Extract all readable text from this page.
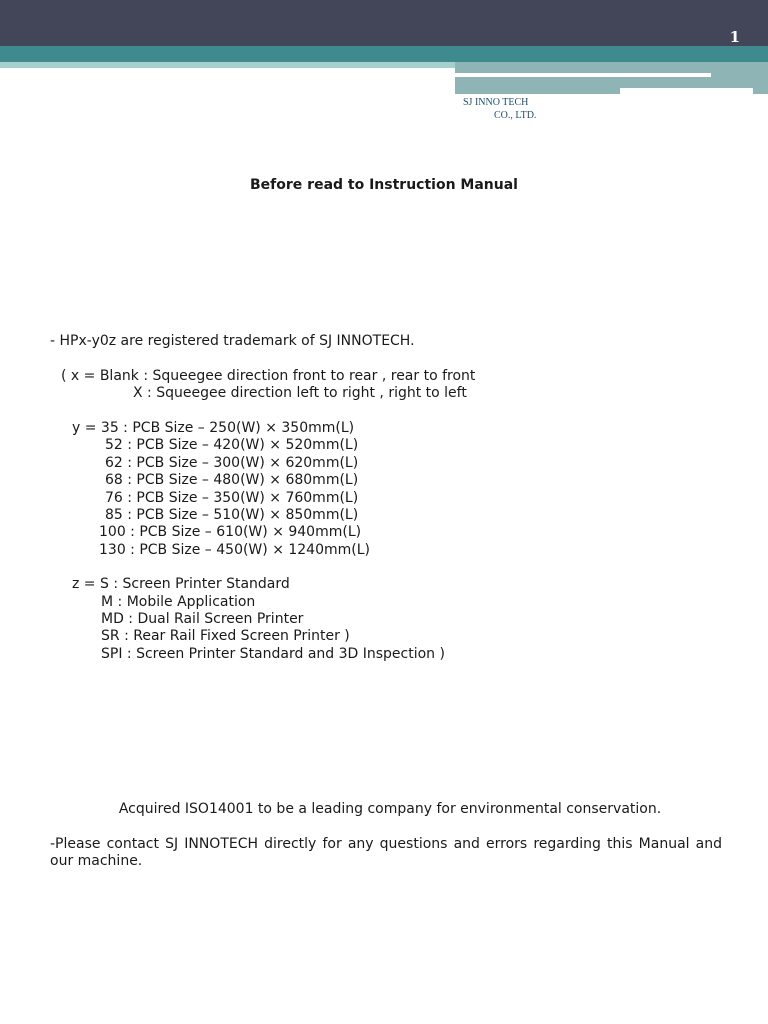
1
SJ INNO TECH
CO., LTD.
Before read to Instruction Manual
- HPx-y0z are registered trademark of SJ INNOTECH.
( x = Blank : Squeegee direction front to rear , rear to front
X : Squeegee direction left to right , right to left
y = 35 : PCB Size – 250(W) × 350mm(L)
52 : PCB Size – 420(W) × 520mm(L)
62 : PCB Size – 300(W) × 620mm(L)
68 : PCB Size – 480(W) × 680mm(L)
76 : PCB Size – 350(W) × 760mm(L)
85 : PCB Size – 510(W) × 850mm(L)
100 : PCB Size – 610(W) × 940mm(L)
130 : PCB Size – 450(W) × 1240mm(L)
z = S : Screen Printer Standard
M : Mobile Application
MD : Dual Rail Screen Printer
SR : Rear Rail Fixed Screen Printer )
SPI : Screen Printer Standard and 3D Inspection )
Acquired ISO14001 to be a leading company for environmental conservation.
-Please contact SJ INNOTECH directly for any questions and errors regarding this Manual and our machine.
